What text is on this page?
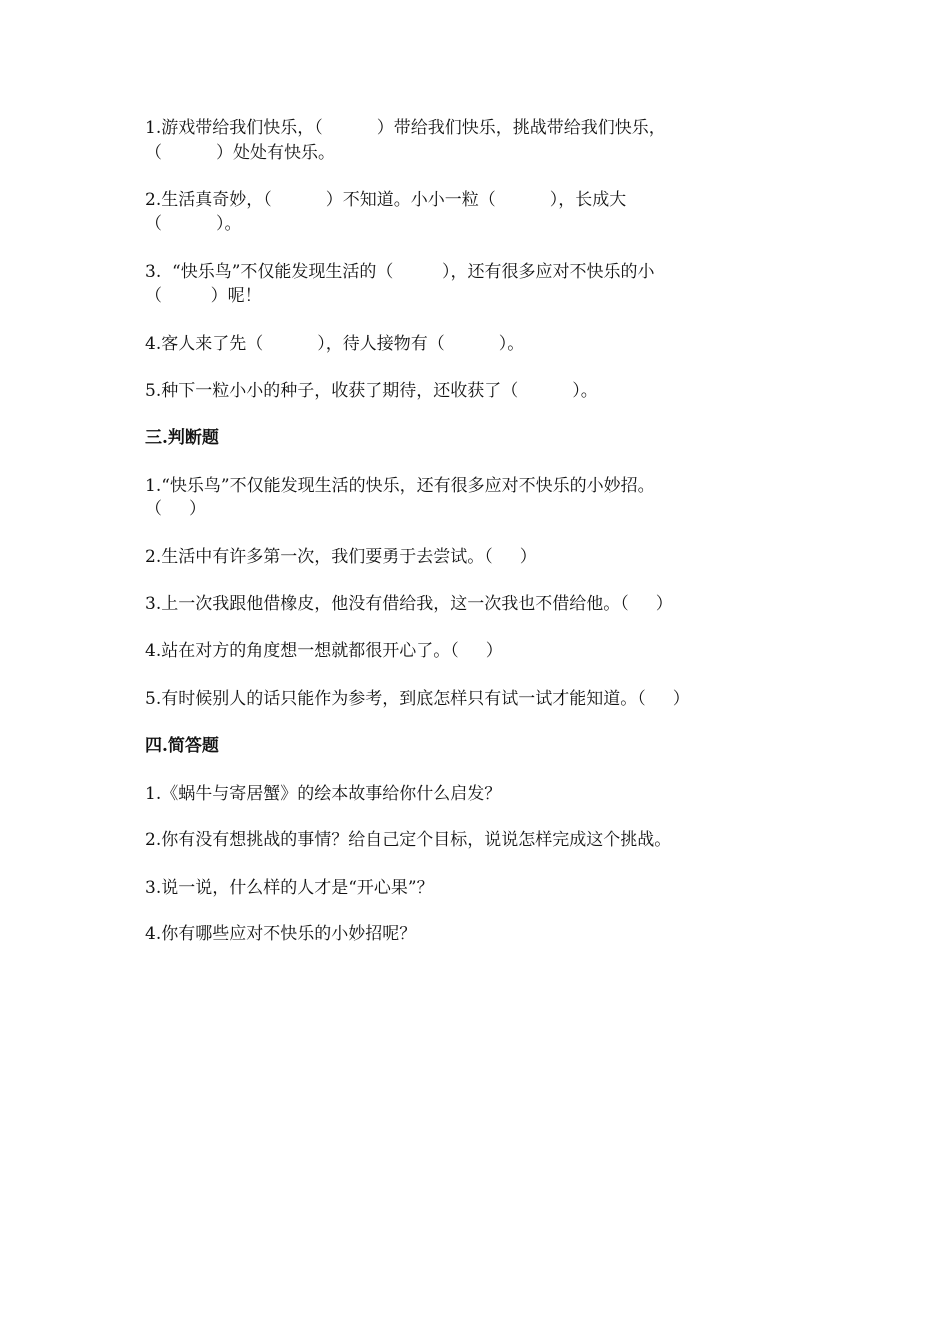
1.游戏带给我们快乐，（          ）带给我们快乐，挑战带给我们快乐，
（          ）处处有快乐。
2.生活真奇妙，（          ）不知道。小小一粒（          ），长成大
（          ）。
3.  “快乐鸟”不仅能发现生活的（         ），还有很多应对不快乐的小
（         ）呢！
4.客人来了先（          ），待人接物有（          ）。
5.种下一粒小小的种子，收获了期待，还收获了（          ）。
三.判断题
1.“快乐鸟”不仅能发现生活的快乐，还有很多应对不快乐的小妙招。
（     ）
2.生活中有许多第一次，我们要勇于去尝试。（     ）
3.上一次我跟他借橡皮，他没有借给我，这一次我也不借给他。（     ）
4.站在对方的角度想一想就都很开心了。（     ）
5.有时候别人的话只能作为参考，到底怎样只有试一试才能知道。（     ）
四.简答题
1.《蜗牛与寄居蟹》的绘本故事给你什么启发？
2.你有没有想挑战的事情？给自己定个目标，说说怎样完成这个挑战。
3.说一说，什么样的人才是“开心果”？
4.你有哪些应对不快乐的小妙招呢？
